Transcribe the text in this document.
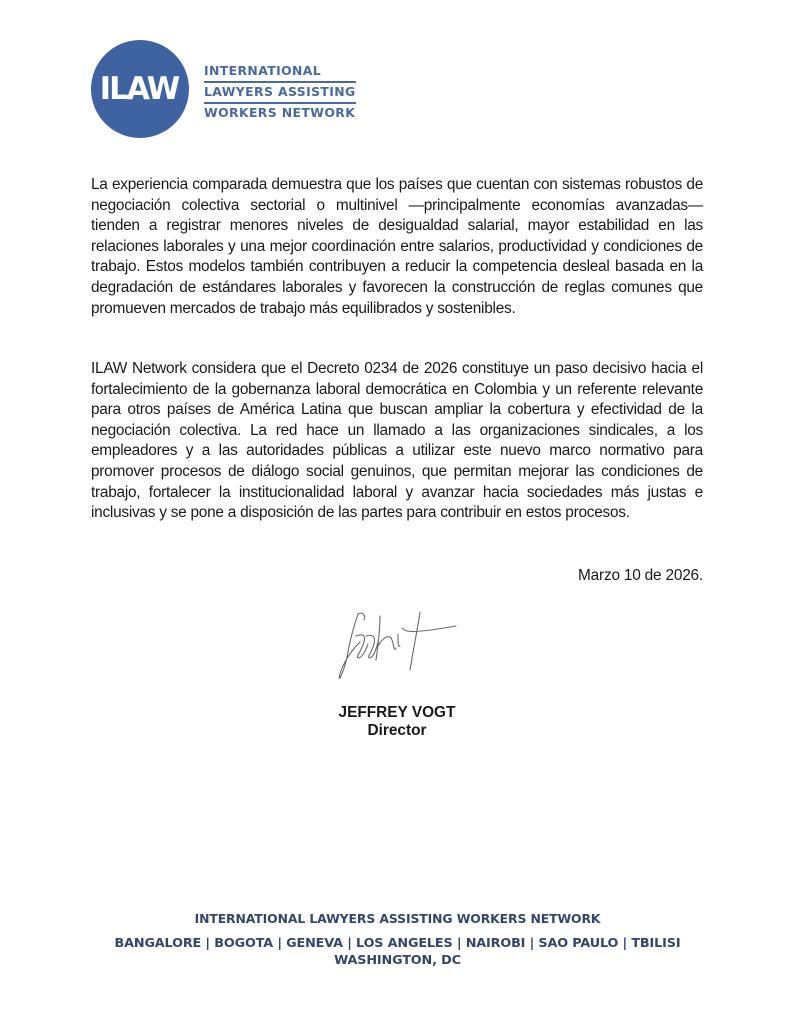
ILAW
INTERNATIONAL
LAWYERS ASSISTING
WORKERS NETWORK

La experiencia comparada demuestra que los países que cuentan con sistemas robustos de negociación colectiva sectorial o multinivel —principalmente economías avanzadas— tienden a registrar menores niveles de desigualdad salarial, mayor estabilidad en las relaciones laborales y una mejor coordinación entre salarios, productividad y condiciones de trabajo. Estos modelos también contribuyen a reducir la competencia desleal basada en la degradación de estándares laborales y favorecen la construcción de reglas comunes que promueven mercados de trabajo más equilibrados y sostenibles.

ILAW Network considera que el Decreto 0234 de 2026 constituye un paso decisivo hacia el fortalecimiento de la gobernanza laboral democrática en Colombia y un referente relevante para otros países de América Latina que buscan ampliar la cobertura y efectividad de la negociación colectiva. La red hace un llamado a las organizaciones sindicales, a los empleadores y a las autoridades públicas a utilizar este nuevo marco normativo para promover procesos de diálogo social genuinos, que permitan mejorar las condiciones de trabajo, fortalecer la institucionalidad laboral y avanzar hacia sociedades más justas e inclusivas y se pone a disposición de las partes para contribuir en estos procesos.

Marzo 10 de 2026.
JEFFREY VOGT
Director
INTERNATIONAL LAWYERS ASSISTING WORKERS NETWORK
BANGALORE | BOGOTA | GENEVA | LOS ANGELES | NAIROBI | SAO PAULO | TBILISI
WASHINGTON, DC
